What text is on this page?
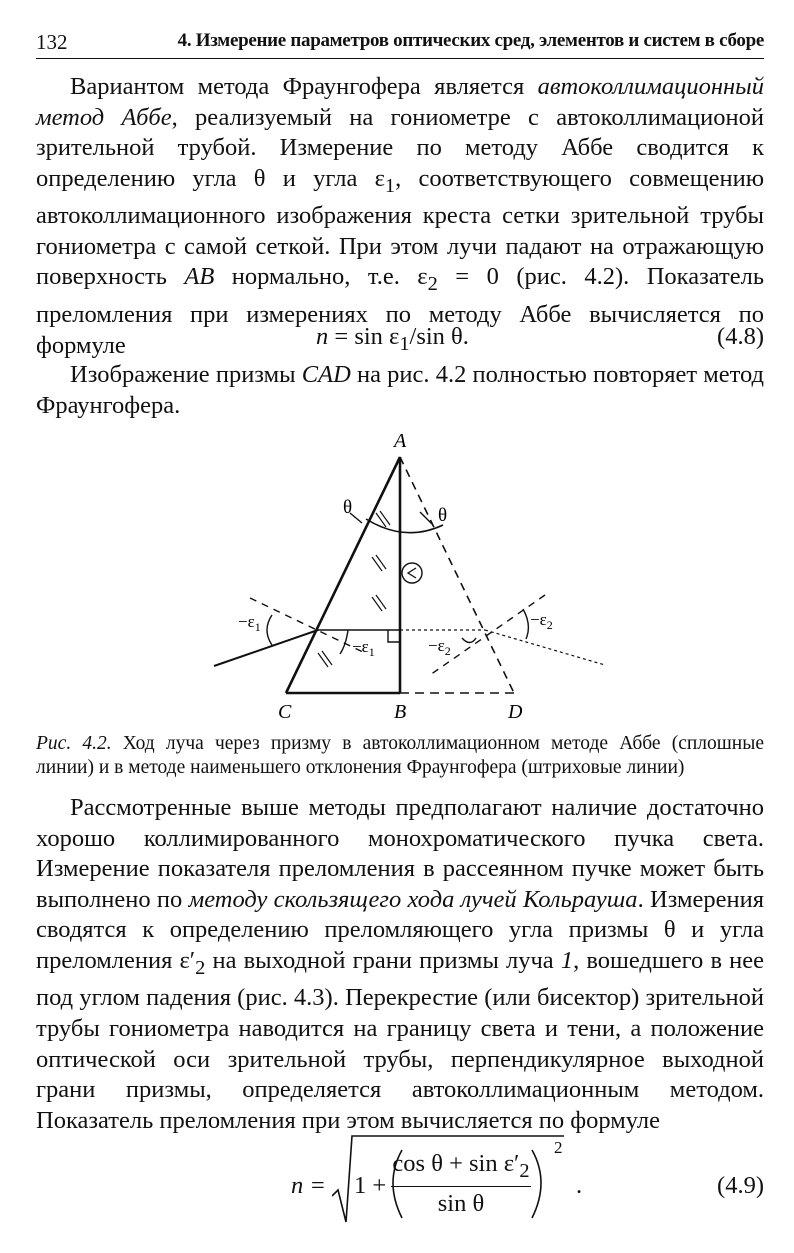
132	4. Измерение параметров оптических сред, элементов и систем в сборе
Вариантом метода Фраунгофера является автоколлимационный метод Аббе, реализуемый на гониометре с автоколлимационой зрительной трубой. Измерение по методу Аббе сводится к определению угла θ и угла $\varepsilon_1$, соответствующего совмещению автоколлимационного изображения креста сетки зрительной трубы гониометра с самой сеткой. При этом лучи падают на отражающую поверхность АВ нормально, т.е. $\varepsilon_2 = 0$ (рис. 4.2). Показатель преломления при измерениях по методу Аббе вычисляется по формуле	$n = \sin \varepsilon_1/\sin$ θ.	(4.8)
Изображение призмы CAD на рис. 4.2 полностью повторяет метод Фраунгофера.
A
C	B	D
θ	θ
$-\varepsilon_1$
$-\varepsilon_1$	$-\varepsilon_2$
$-\varepsilon_2$
Рис. 4.2. Ход луча через призму в автоколлимационном методе Аббе (сплошные линии) и в методе наименьшего отклонения Фраунгофера (штриховые линии)
Рассмотренные выше методы предполагают наличие достаточно хорошо коллимированного монохроматического пучка света. Измерение показателя преломления в рассеянном пучке может быть выполнено по методу скользящего хода лучей Кольрауша. Измерения сводятся к определению преломляющего угла призмы θ и угла преломления $\varepsilon'_2$ на выходной грани призмы луча 1, вошедшего в нее под углом падения (рис. 4.3). Перекрестие (или бисектор) зрительной трубы гониометра наводится на границу света и тени, а положение оптической оси зрительной трубы, перпендикулярное выходной грани призмы, определяется автоколлимационным методом. Показатель преломления при этом вычисляется по формуле
$n = 1 + \frac{\cos \theta + \sin \varepsilon'_2}{\text{sin θ}}$
2
.	(4.9)
